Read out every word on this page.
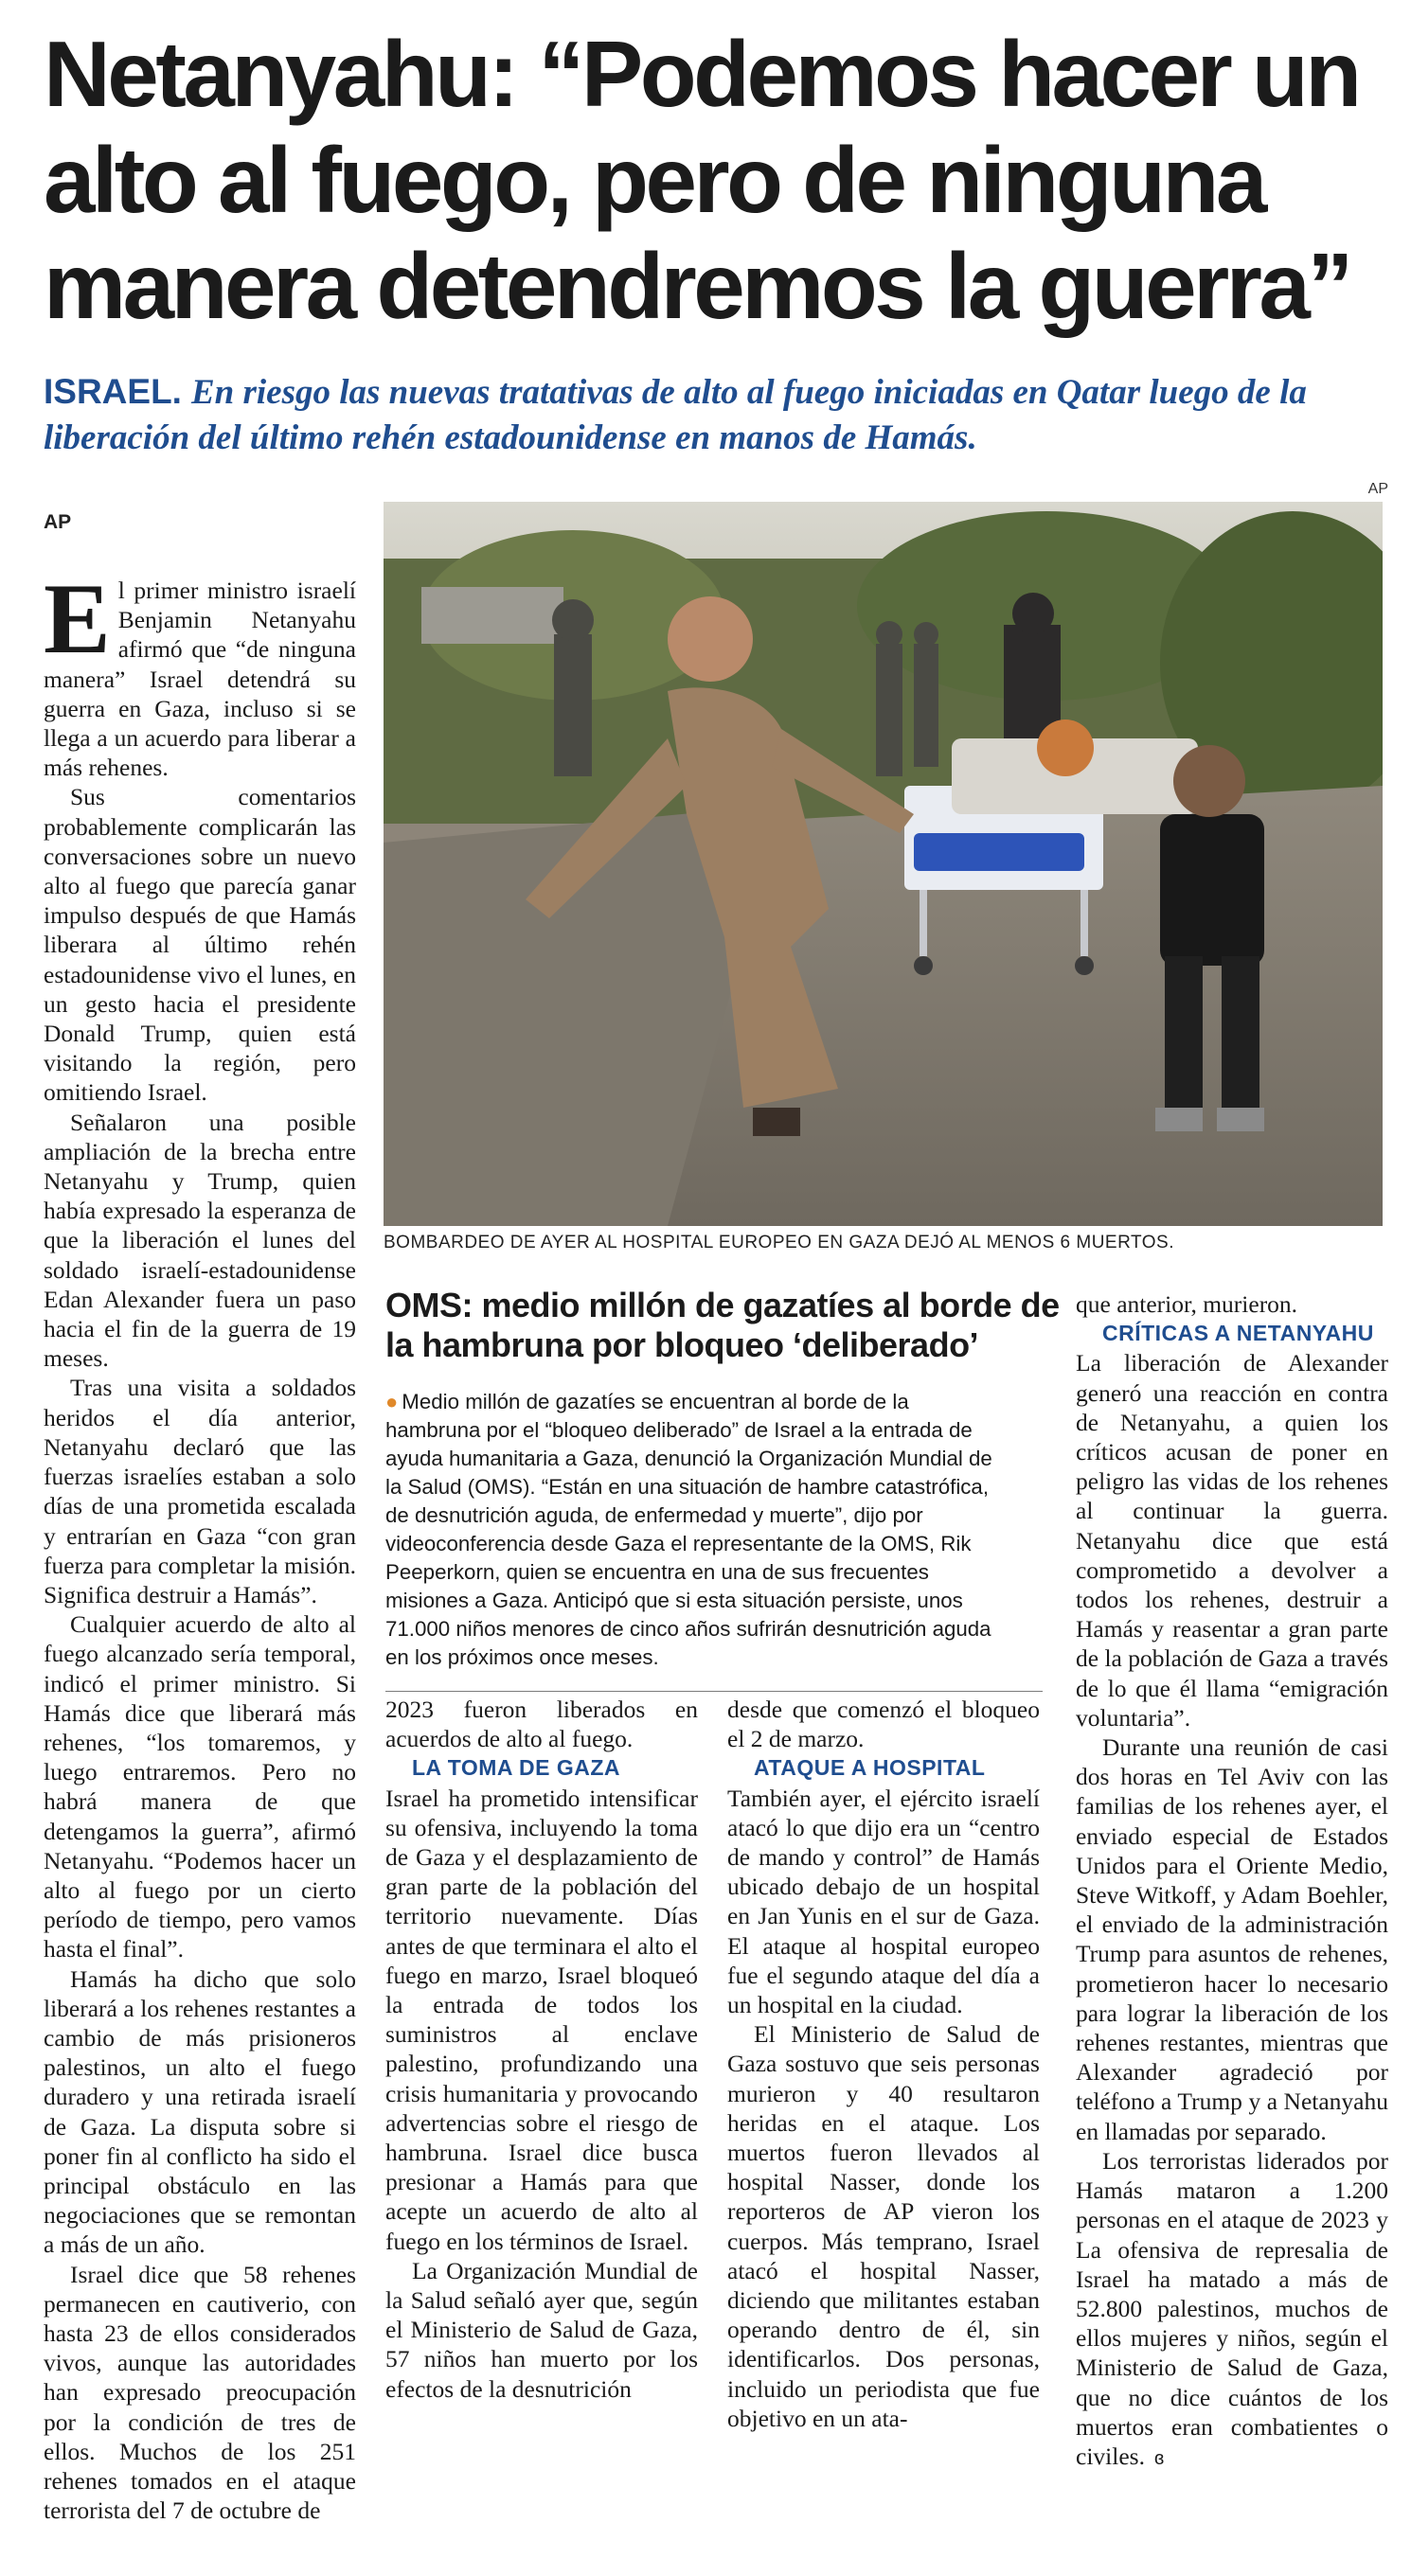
Netanyahu: “Podemos hacer un alto al fuego, pero de ninguna manera detendremos la guerra”

ISRAEL. En riesgo las nuevas tratativas de alto al fuego iniciadas en Qatar luego de la liberación del último rehén estadounidense en manos de Hamás.

AP
AP

BOMBARDEO DE AYER AL HOSPITAL EUROPEO EN GAZA DEJÓ AL MENOS 6 MUERTOS.

El primer ministro israelí Benjamin Netanyahu afirmó que “de ninguna manera” Israel detendrá su guerra en Gaza, incluso si se llega a un acuerdo para liberar a más rehenes.

Sus comentarios probablemente complicarán las conversaciones sobre un nuevo alto al fuego que parecía ganar impulso después de que Hamás liberara al último rehén estadounidense vivo el lunes, en un gesto hacia el presidente Donald Trump, quien está visitando la región, pero omitiendo Israel.

Señalaron una posible ampliación de la brecha entre Netanyahu y Trump, quien había expresado la esperanza de que la liberación el lunes del soldado israelí-estadounidense Edan Alexander fuera un paso hacia el fin de la guerra de 19 meses.

Tras una visita a soldados heridos el día anterior, Netanyahu declaró que las fuerzas israelíes estaban a solo días de una prometida escalada y entrarían en Gaza “con gran fuerza para completar la misión. Significa destruir a Hamás”.

Cualquier acuerdo de alto al fuego alcanzado sería temporal, indicó el primer ministro. Si Hamás dice que liberará más rehenes, “los tomaremos, y luego entraremos. Pero no habrá manera de que detengamos la guerra”, afirmó Netanyahu. “Podemos hacer un alto al fuego por un cierto período de tiempo, pero vamos hasta el final”.

Hamás ha dicho que solo liberará a los rehenes restantes a cambio de más prisioneros palestinos, un alto el fuego duradero y una retirada israelí de Gaza. La disputa sobre si poner fin al conflicto ha sido el principal obstáculo en las negociaciones que se remontan a más de un año.

Israel dice que 58 rehenes permanecen en cautiverio, con hasta 23 de ellos considerados vivos, aunque las autoridades han expresado preocupación por la condición de tres de ellos. Muchos de los 251 rehenes tomados en el ataque terrorista del 7 de octubre de

OMS: medio millón de gazatíes al borde de la hambruna por bloqueo ‘deliberado’

● Medio millón de gazatíes se encuentran al borde de la hambruna por el “bloqueo deliberado” de Israel a la entrada de ayuda humanitaria a Gaza, denunció la Organización Mundial de la Salud (OMS). “Están en una situación de hambre catastrófica, de desnutrición aguda, de enfermedad y muerte”, dijo por videoconferencia desde Gaza el representante de la OMS, Rik Peeperkorn, quien se encuentra en una de sus frecuentes misiones a Gaza. Anticipó que si esta situación persiste, unos 71.000 niños menores de cinco años sufrirán desnutrición aguda en los próximos once meses.

2023 fueron liberados en acuerdos de alto al fuego.

LA TOMA DE GAZA

Israel ha prometido intensificar su ofensiva, incluyendo la toma de Gaza y el desplazamiento de gran parte de la población del territorio nuevamente. Días antes de que terminara el alto el fuego en marzo, Israel bloqueó la entrada de todos los suministros al enclave palestino, profundizando una crisis humanitaria y provocando advertencias sobre el riesgo de hambruna. Israel dice busca presionar a Hamás para que acepte un acuerdo de alto al fuego en los términos de Israel.

La Organización Mundial de la Salud señaló ayer que, según el Ministerio de Salud de Gaza, 57 niños han muerto por los efectos de la desnutrición

desde que comenzó el bloqueo el 2 de marzo.

ATAQUE A HOSPITAL

También ayer, el ejército israelí atacó lo que dijo era un “centro de mando y control” de Hamás ubicado debajo de un hospital en Jan Yunis en el sur de Gaza. El ataque al hospital europeo fue el segundo ataque del día a un hospital en la ciudad.

El Ministerio de Salud de Gaza sostuvo que seis personas murieron y 40 resultaron heridas en el ataque. Los muertos fueron llevados al hospital Nasser, donde los reporteros de AP vieron los cuerpos. Más temprano, Israel atacó el hospital Nasser, diciendo que militantes estaban operando dentro de él, sin identificarlos. Dos personas, incluido un periodista que fue objetivo en un ata-

que anterior, murieron.

CRÍTICAS A NETANYAHU

La liberación de Alexander generó una reacción en contra de Netanyahu, a quien los críticos acusan de poner en peligro las vidas de los rehenes al continuar la guerra. Netanyahu dice que está comprometido a devolver a todos los rehenes, destruir a Hamás y reasentar a gran parte de la población de Gaza a través de lo que él llama “emigración voluntaria”.

Durante una reunión de casi dos horas en Tel Aviv con las familias de los rehenes ayer, el enviado especial de Estados Unidos para el Oriente Medio, Steve Witkoff, y Adam Boehler, el enviado de la administración Trump para asuntos de rehenes, prometieron hacer lo necesario para lograr la liberación de los rehenes restantes, mientras que Alexander agradeció por teléfono a Trump y a Netanyahu en llamadas por separado.

Los terroristas liderados por Hamás mataron a 1.200 personas en el ataque de 2023 y La ofensiva de represalia de Israel ha matado a más de 52.800 palestinos, muchos de ellos mujeres y niños, según el Ministerio de Salud de Gaza, que no dice cuántos de los muertos eran combatientes o civiles. ɞ
